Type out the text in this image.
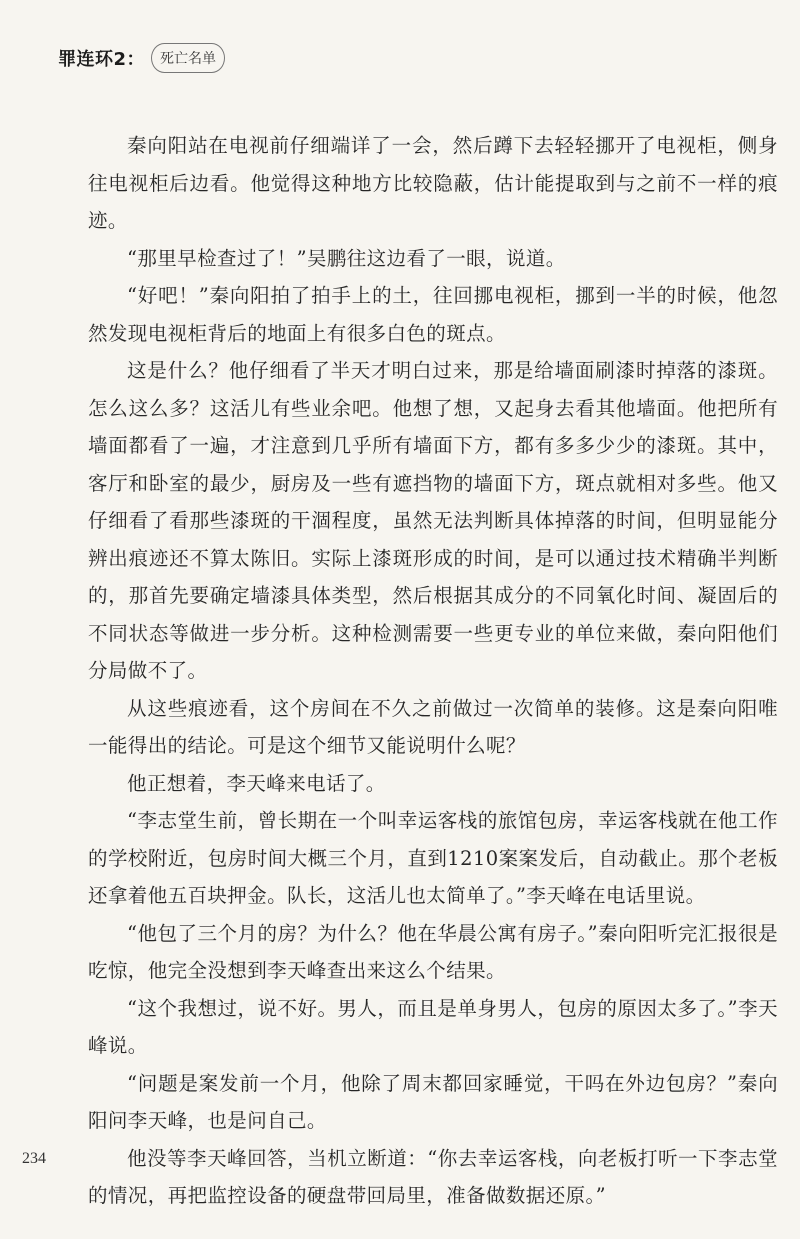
罪连环2： 死亡名单

秦向阳站在电视前仔细端详了一会，然后蹲下去轻轻挪开了电视柜，侧身往电视柜后边看。他觉得这种地方比较隐蔽，估计能提取到与之前不一样的痕迹。

“那里早检查过了！”吴鹏往这边看了一眼，说道。

“好吧！”秦向阳拍了拍手上的土，往回挪电视柜，挪到一半的时候，他忽然发现电视柜背后的地面上有很多白色的斑点。

这是什么？他仔细看了半天才明白过来，那是给墙面刷漆时掉落的漆斑。怎么这么多？这活儿有些业余吧。他想了想，又起身去看其他墙面。他把所有墙面都看了一遍，才注意到几乎所有墙面下方，都有多多少少的漆斑。其中，客厅和卧室的最少，厨房及一些有遮挡物的墙面下方，斑点就相对多些。他又仔细看了看那些漆斑的干涸程度，虽然无法判断具体掉落的时间，但明显能分辨出痕迹还不算太陈旧。实际上漆斑形成的时间，是可以通过技术精确半判断的，那首先要确定墙漆具体类型，然后根据其成分的不同氧化时间、凝固后的不同状态等做进一步分析。这种检测需要一些更专业的单位来做，秦向阳他们分局做不了。

从这些痕迹看，这个房间在不久之前做过一次简单的装修。这是秦向阳唯一能得出的结论。可是这个细节又能说明什么呢？

他正想着，李天峰来电话了。

“李志堂生前，曾长期在一个叫幸运客栈的旅馆包房，幸运客栈就在他工作的学校附近，包房时间大概三个月，直到1210案案发后，自动截止。那个老板还拿着他五百块押金。队长，这活儿也太简单了。”李天峰在电话里说。

“他包了三个月的房？为什么？他在华晨公寓有房子。”秦向阳听完汇报很是吃惊，他完全没想到李天峰查出来这么个结果。

“这个我想过，说不好。男人，而且是单身男人，包房的原因太多了。”李天峰说。

“问题是案发前一个月，他除了周末都回家睡觉，干吗在外边包房？”秦向阳问李天峰，也是问自己。

他没等李天峰回答，当机立断道：“你去幸运客栈，向老板打听一下李志堂的情况，再把监控设备的硬盘带回局里，准备做数据还原。”

234
